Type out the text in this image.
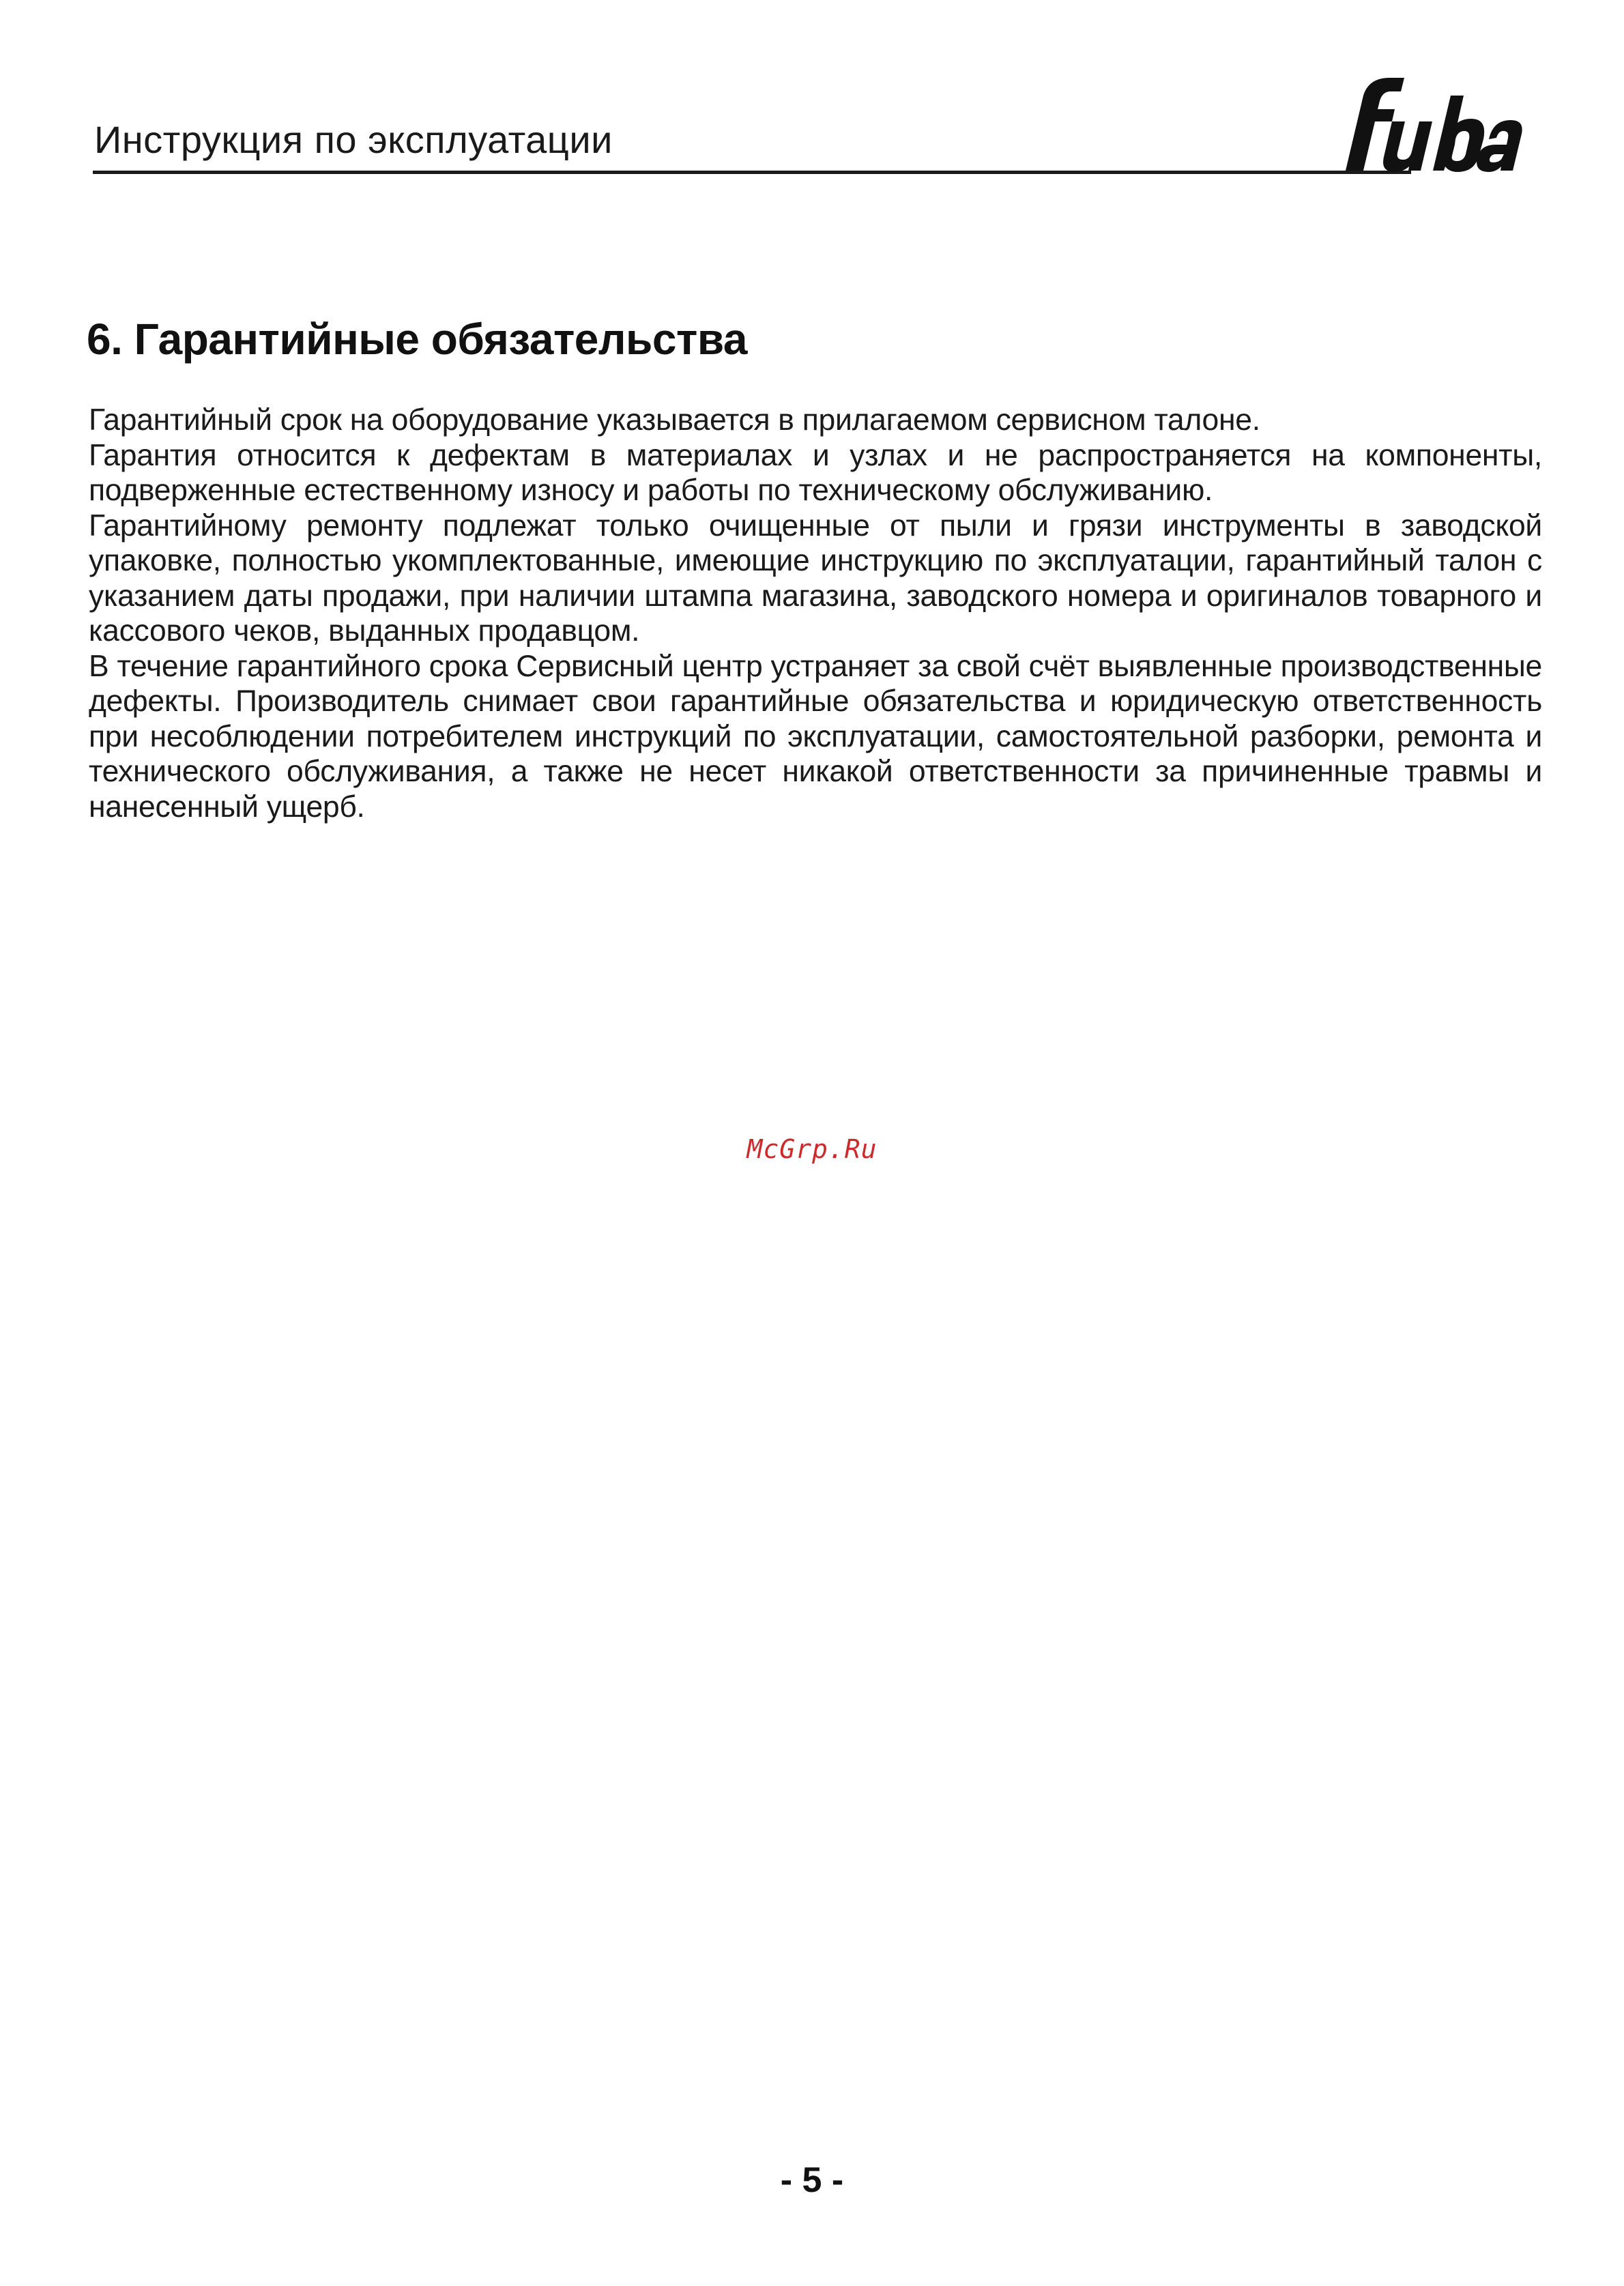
Инструкция по эксплуатации
6. Гарантийные обязательства

Гарантийный срок на оборудование указывается в прилагаемом сервисном талоне.

Гарантия относится к дефектам в материалах и узлах и не распространяется на компоненты, подверженные естественному износу и работы по техническому обслуживанию.

Гарантийному ремонту подлежат только очищенные от пыли и грязи инструменты в заводской упаковке, полностью укомплектованные, имеющие инструкцию по эксплуатации, гарантийный талон с указанием даты продажи, при наличии штампа магазина, заводского номера и оригиналов товарного и кассового чеков, выданных продавцом.

В течение гарантийного срока Сервисный центр устраняет за свой счёт выявленные производственные дефекты. Производитель снимает свои гарантийные обязательства и юридическую ответственность при несоблюдении потребителем инструкций по эксплуатации, самостоятельной разборки, ремонта и технического обслуживания, а также не несет никакой ответственности за причиненные травмы и нанесенный ущерб.

McGrp.Ru
- 5 -
